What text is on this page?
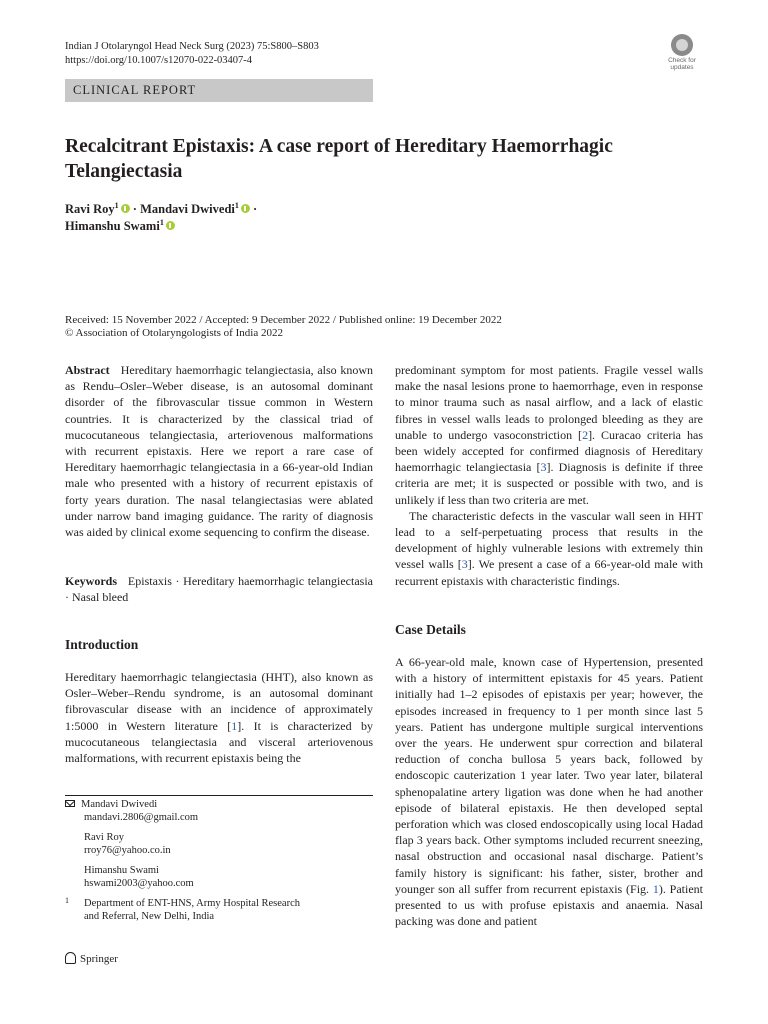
Indian J Otolaryngol Head Neck Surg (2023) 75:S800–S803
https://doi.org/10.1007/s12070-022-03407-4	Check for
updates
CLINICAL REPORT
Recalcitrant Epistaxis: A case report of Hereditary Haemorrhagic
Telangiectasia
Ravi Roy$^1$ · Mandavi Dwivedi$^1$ ·
Himanshu Swami$^1$
Received: 15 November 2022 / Accepted: 9 December 2022 / Published online: 19 December 2022
© Association of Otolaryngologists of India 2022
Abstract Hereditary haemorrhagic telangiectasia, also known as Rendu–Osler–Weber disease, is an autosomal dominant disorder of the fibrovascular tissue common in Western countries. It is characterized by the classical triad of mucocutaneous telangiectasia, arteriovenous malformations with recurrent epistaxis. Here we report a rare case of Hereditary haemorrhagic telangiectasia in a 66-year-old Indian male who presented with a history of recurrent epistaxis of forty years duration. The nasal telangiectasias were ablated under narrow band imaging guidance. The rarity of diagnosis was aided by clinical exome sequencing to confirm the disease.
Keywords Epistaxis · Hereditary haemorrhagic telangiectasia · Nasal bleed
Introduction
Hereditary haemorrhagic telangiectasia (HHT), also known as Osler–Weber–Rendu syndrome, is an autosomal dominant fibrovascular disease with an incidence of approximately 1:5000 in Western literature [1]. It is characterized by mucocutaneous telangiectasia and visceral arteriovenous malformations, with recurrent epistaxis being the
Mandavi Dwivedi
mandavi.2806@gmail.com
Ravi Roy
rroy76@yahoo.co.in
Himanshu Swami
hswami2003@yahoo.com
1	Department of ENT-HNS, Army Hospital Research
and Referral, New Delhi, India
Springer
predominant symptom for most patients. Fragile vessel walls make the nasal lesions prone to haemorrhage, even in response to minor trauma such as nasal airflow, and a lack of elastic fibres in vessel walls leads to prolonged bleeding as they are unable to undergo vasoconstriction [2]. Curacao criteria has been widely accepted for confirmed diagnosis of Hereditary haemorrhagic telangiectasia [3]. Diagnosis is definite if three criteria are met; it is suspected or possible with two, and is unlikely if less than two criteria are met.
The characteristic defects in the vascular wall seen in HHT lead to a self-perpetuating process that results in the development of highly vulnerable lesions with extremely thin vessel walls [3]. We present a case of a 66-year-old male with recurrent epistaxis with characteristic findings.
Case Details
A 66-year-old male, known case of Hypertension, presented with a history of intermittent epistaxis for 45 years. Patient initially had 1–2 episodes of epistaxis per year; however, the episodes increased in frequency to 1 per month since last 5 years. Patient has undergone multiple surgical interventions over the years. He underwent spur correction and bilateral reduction of concha bullosa 5 years back, followed by endoscopic cauterization 1 year later. Two year later, bilateral sphenopalatine artery ligation was done when he had another episode of bilateral epistaxis. He then developed septal perforation which was closed endoscopically using local Hadad flap 3 years back. Other symptoms included recurrent sneezing, nasal obstruction and occasional nasal discharge. Patient’s family history is significant: his father, sister, brother and younger son all suffer from recurrent epistaxis (Fig. 1). Patient presented to us with profuse epistaxis and anaemia. Nasal packing was done and patient
